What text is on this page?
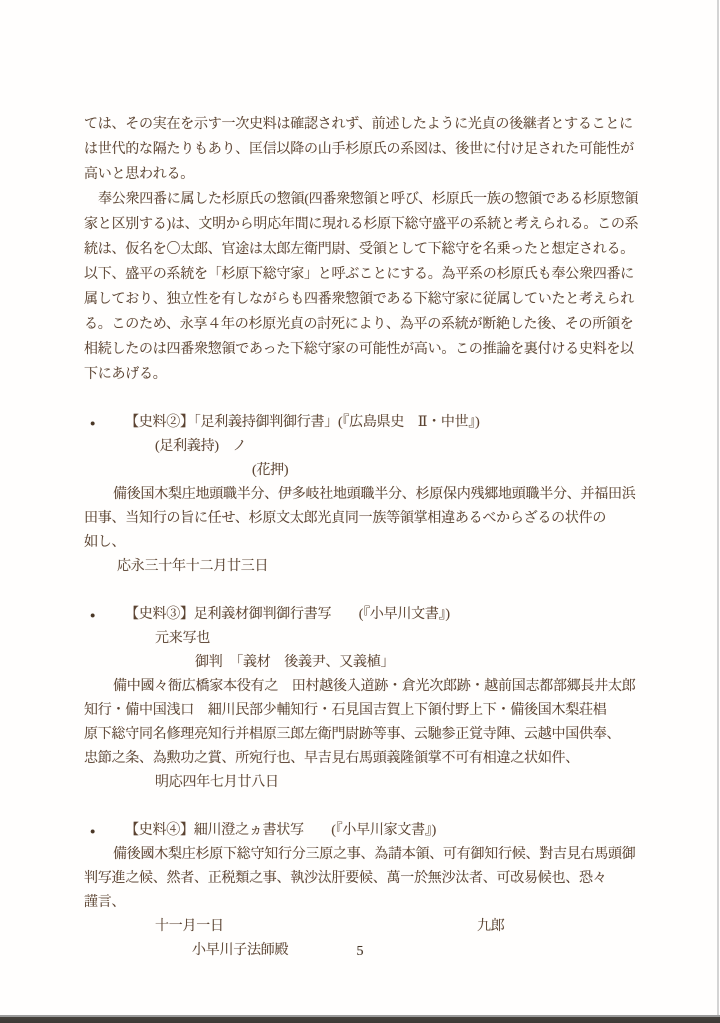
ては、その実在を示す一次史料は確認されず、前述したように光貞の後継者とすることに
は世代的な隔たりもあり、匡信以降の山手杉原氏の系図は、後世に付け足された可能性が
高いと思われる。

奉公衆四番に属した杉原氏の惣領(四番衆惣領と呼び、杉原氏一族の惣領である杉原惣領
家と区別する)は、文明から明応年間に現れる杉原下総守盛平の系統と考えられる。この系
統は、仮名を〇太郎、官途は太郎左衛門尉、受領として下総守を名乗ったと想定される。
以下、盛平の系統を「杉原下総守家」と呼ぶことにする。為平系の杉原氏も奉公衆四番に
属しており、独立性を有しながらも四番衆惣領である下総守家に従属していたと考えられ
る。このため、永享４年の杉原光貞の討死により、為平の系統が断絶した後、その所領を
相続したのは四番衆惣領であった下総守家の可能性が高い。この推論を裏付ける史料を以
下にあげる。

● 【史料②】「足利義持御判御行書」(『広島県史　Ⅱ・中世』)
(足利義持)　ノ
(花押)
備後国木梨庄地頭職半分、伊多岐社地頭職半分、杉原保内残郷地頭職半分、并福田浜
田事、当知行の旨に任せ、杉原文太郎光貞同一族等領掌相違あるべからざるの状件の
如し、
応永三十年十二月廿三日
● 【史料③】足利義材御判御行書写　　(『小早川文書』)
元来写也
御判　「義材　後義尹、又義植」
備中國々衙広橋家本役有之　田村越後入道跡・倉光次郎跡・越前国志都部郷長井太郎
知行・備中国浅口　細川民部少輔知行・石見国吉賀上下領付野上下・備後国木梨荘椙
原下総守同名修理亮知行并椙原三郎左衛門尉跡等事、云馳参正覚寺陣、云越中国供奉、
忠節之条、為勲功之賞、所宛行也、早吉見右馬頭義隆領掌不可有相違之状如件、
明応四年七月廿八日
● 【史料④】細川澄之ヵ書状写　　(『小早川家文書』)
備後國木梨庄杉原下総守知行分三原之事、為請本領、可有御知行候、對吉見右馬頭御
判写進之候、然者、正税類之事、執沙汰肝要候、萬一於無沙汰者、可改易候也、恐々
謹言、
十一月一日	九郎
小早川子法師殿	5
